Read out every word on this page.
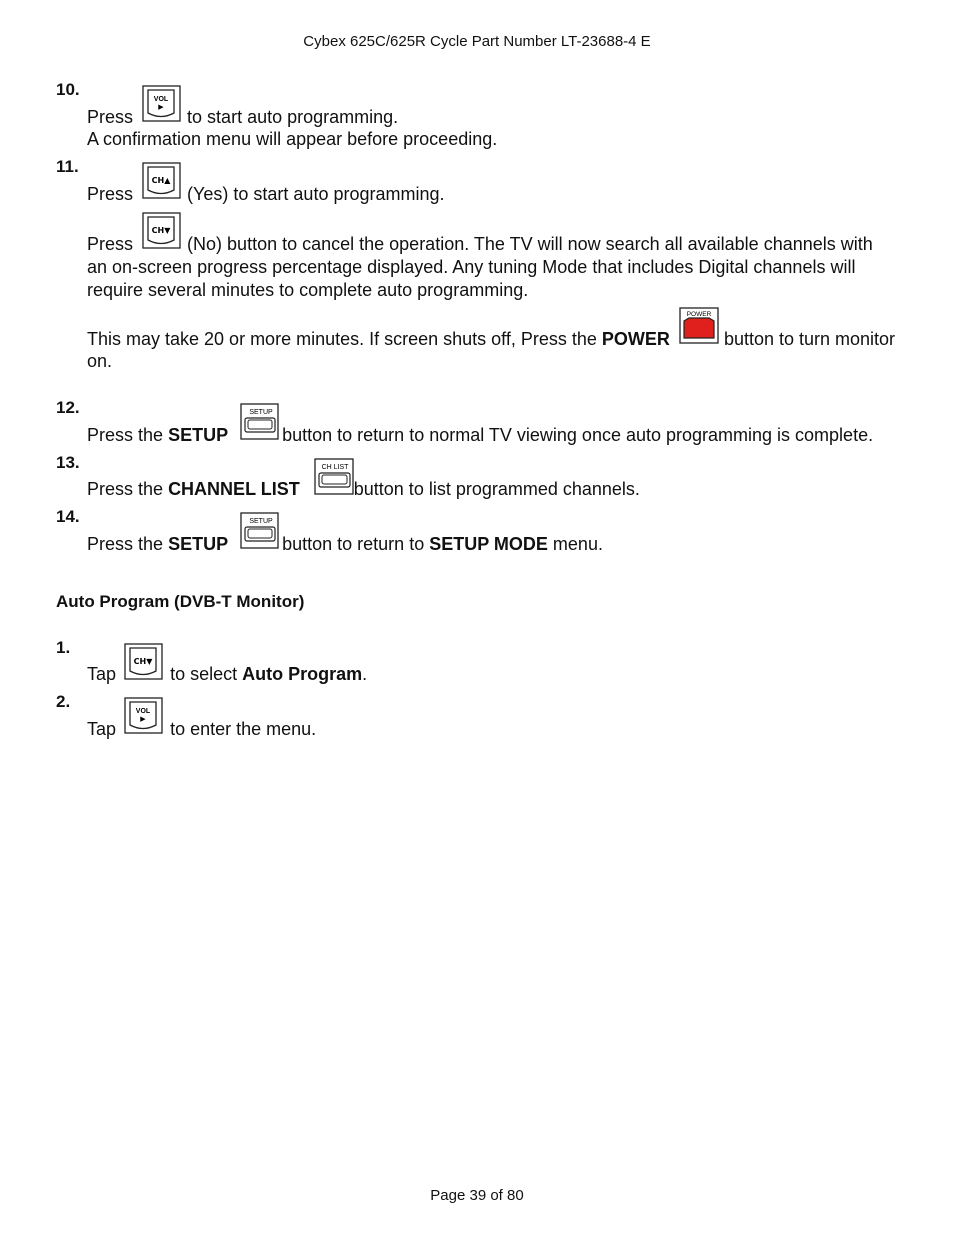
Cybex 625C/625R Cycle Part Number LT-23688-4 E
10.
VOL
▶
Press	to start auto programming.
A confirmation menu will appear before proceeding.
11.
CH▲
Press	(Yes) to start auto programming.
CH▼
Press	(No) button to cancel the operation. The TV will now search all available channels with
an on-screen progress percentage displayed. Any tuning Mode that includes Digital channels will require several minutes to complete auto programming.
POWER
This may take 20 or more minutes. If screen shuts off, Press the POWER	button to turn monitor
on.
12.	SETUP
Press the SETUP	button to return to normal TV viewing once auto programming is complete.
13.	CH LIST
Press the CHANNEL LIST	button to list programmed channels.
14.	SETUP
Press the SETUP	button to return to SETUP MODE menu.
Auto Program (DVB-T Monitor)
1.
CH▼
Tap	to select Auto Program.
2.
VOL
▶
Tap	to enter the menu.
Page 39 of 80
